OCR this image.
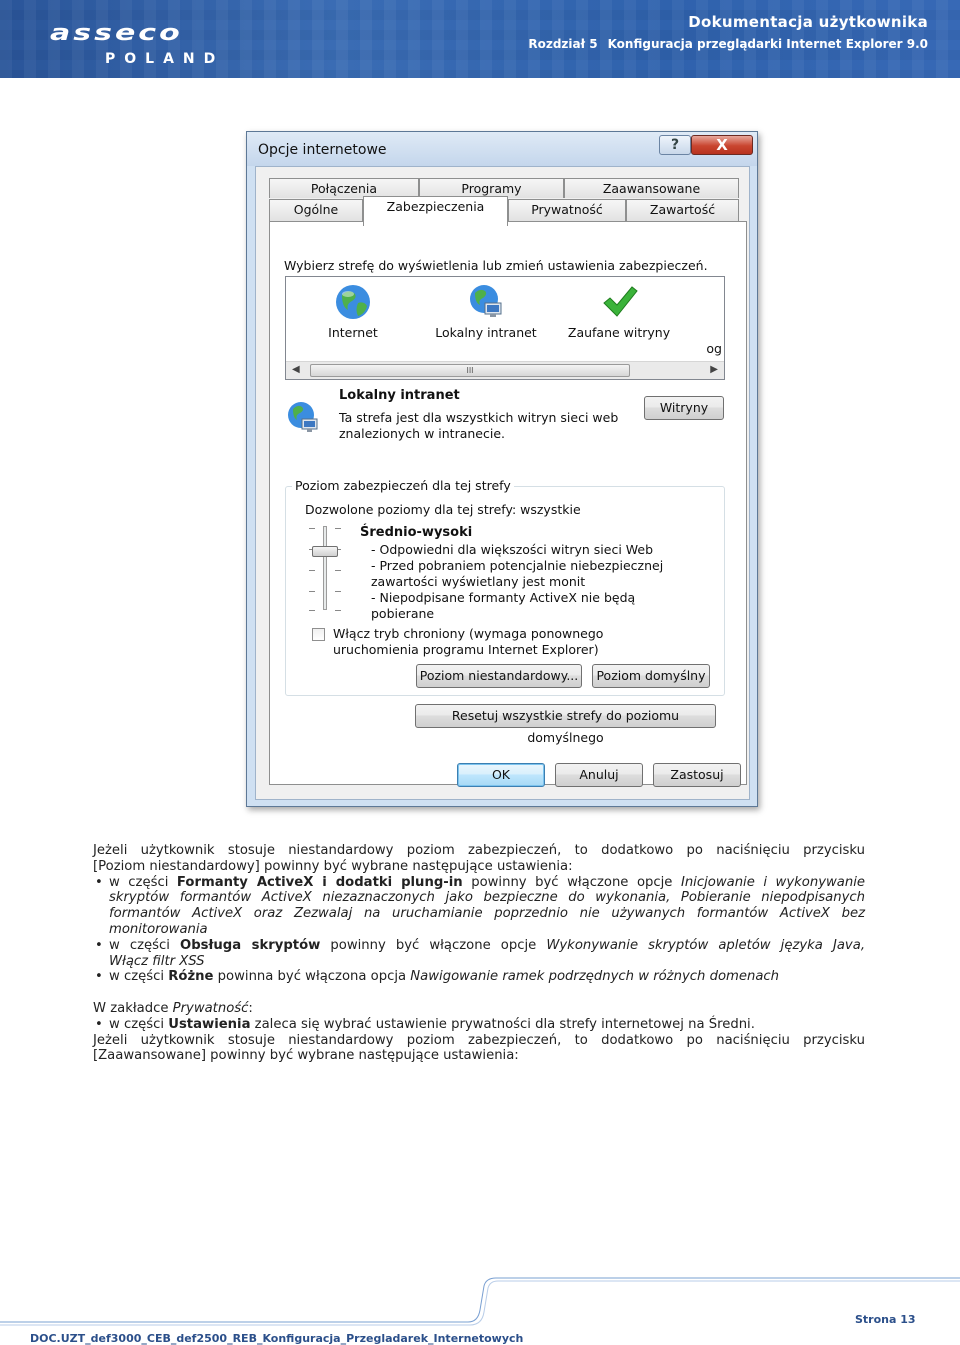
asseco
POLAND
Dokumentacja użytkownika
Rozdział 5 Konfiguracja przeglądarki Internet Explorer 9.0
Opcje internetowe	?	X
Połączenia	Programy	Zaawansowane
Ogólne	Zabezpieczenia	Prywatność	Zawartość
Wybierz strefę do wyświetlenia lub zmień ustawienia zabezpieczeń.
Internet	Lokalny intranet	Zaufane witryny
og
◀	III	▶
Lokalny intranet
Ta strefa jest dla wszystkich witryn sieci web znalezionych w intranecie.
Witryny
Poziom zabezpieczeń dla tej strefy
Dozwolone poziomy dla tej strefy: wszystkie
Średnio-wysoki
- Odpowiedni dla większości witryn sieci Web
- Przed pobraniem potencjalnie niebezpiecznej
zawartości wyświetlany jest monit
- Niepodpisane formanty ActiveX nie będą pobierane
Włącz tryb chroniony (wymaga ponownego uruchomienia programu Internet Explorer)
Poziom niestandardowy...	Poziom domyślny
Resetuj wszystkie strefy do poziomu domyślnego
OK	Anuluj	Zastosuj
Jeżeli użytkownik stosuje niestandardowy poziom zabezpieczeń, to dodatkowo po naciśnięciu przycisku
[Poziom niestandardowy] powinny być wybrane następujące ustawienia:
• w części Formanty ActiveX i dodatki plung-in powinny być włączone opcje Inicjowanie i wykonywanie
skryptów formantów ActiveX niezaznaczonych jako bezpieczne do wykonania, Pobieranie niepodpisanych
formantów ActiveX oraz Zezwalaj na uruchamianie poprzednio nie używanych formantów ActiveX bez
monitorowania
• w części Obsługa skryptów powinny być włączone opcje Wykonywanie skryptów apletów języka Java,
Włącz filtr XSS
• w części Różne powinna być włączona opcja Nawigowanie ramek podrzędnych w różnych domenach
W zakładce Prywatność:
• w części Ustawienia zaleca się wybrać ustawienie prywatności dla strefy internetowej na Średni.
Jeżeli użytkownik stosuje niestandardowy poziom zabezpieczeń, to dodatkowo po naciśnięciu przycisku
[Zaawansowane] powinny być wybrane następujące ustawienia:
Strona 13
DOC.UZT_def3000_CEB_def2500_REB_Konfiguracja_Przegladarek_Internetowych
